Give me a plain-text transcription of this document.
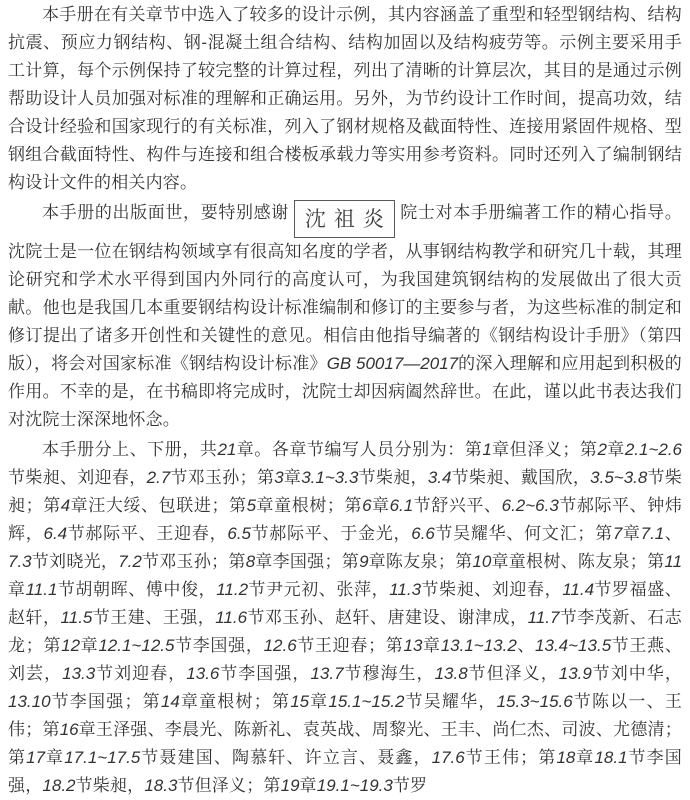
本手册在有关章节中选入了较多的设计示例，其内容涵盖了重型和轻型钢结构、结构抗震、预应力钢结构、钢-混凝土组合结构、结构加固以及结构疲劳等。示例主要采用手工计算，每个示例保持了较完整的计算过程，列出了清晰的计算层次，其目的是通过示例帮助设计人员加强对标准的理解和正确运用。另外，为节约设计工作时间，提高功效，结合设计经验和国家现行的有关标准，列入了钢材规格及截面特性、连接用紧固件规格、型钢组合截面特性、构件与连接和组合楼板承载力等实用参考资料。同时还列入了编制钢结构设计文件的相关内容。

本手册的出版面世，要特别感谢 沈祖炎 院士对本手册编著工作的精心指导。沈院士是一位在钢结构领域享有很高知名度的学者，从事钢结构教学和研究几十载，其理论研究和学术水平得到国内外同行的高度认可，为我国建筑钢结构的发展做出了很大贡献。他也是我国几本重要钢结构设计标准编制和修订的主要参与者，为这些标准的制定和修订提出了诸多开创性和关键性的意见。相信由他指导编著的《钢结构设计手册》（第四版），将会对国家标准《钢结构设计标准》GB 50017—2017的深入理解和应用起到积极的作用。不幸的是，在书稿即将完成时，沈院士却因病阖然辞世。在此，谨以此书表达我们对沈院士深深地怀念。

本手册分上、下册，共21章。各章节编写人员分别为：第1章但泽义；第2章2.1~2.6节柴昶、刘迎春，2.7节邓玉孙；第3章3.1~3.3节柴昶，3.4节柴昶、戴国欣，3.5~3.8节柴昶；第4章汪大绥、包联进；第5章童根树；第6章6.1节舒兴平、6.2~6.3节郝际平、钟炜辉，6.4节郝际平、王迎春，6.5节郝际平、于金光，6.6节吴耀华、何文汇；第7章7.1、7.3节刘晓光，7.2节邓玉孙；第8章李国强；第9章陈友泉；第10章童根树、陈友泉；第11章11.1节胡朝晖、傅中俊，11.2节尹元初、张萍，11.3节柴昶、刘迎春，11.4节罗福盛、赵轩，11.5节王建、王强，11.6节邓玉孙、赵轩、唐建设、谢津成，11.7节李茂新、石志龙；第12章12.1~12.5节李国强，12.6节王迎春；第13章13.1~13.2、13.4~13.5节王燕、刘芸，13.3节刘迎春，13.6节李国强，13.7节穆海生，13.8节但泽义，13.9节刘中华，13.10节李国强；第14章童根树；第15章15.1~15.2节吴耀华，15.3~15.6节陈以一、王伟；第16章王泽强、李晨光、陈新礼、袁英战、周黎光、王丰、尚仁杰、司波、尤德清；第17章17.1~17.5节聂建国、陶慕轩、许立言、聂鑫，17.6节王伟；第18章18.1节李国强，18.2节柴昶，18.3节但泽义；第19章19.1~19.3节罗
